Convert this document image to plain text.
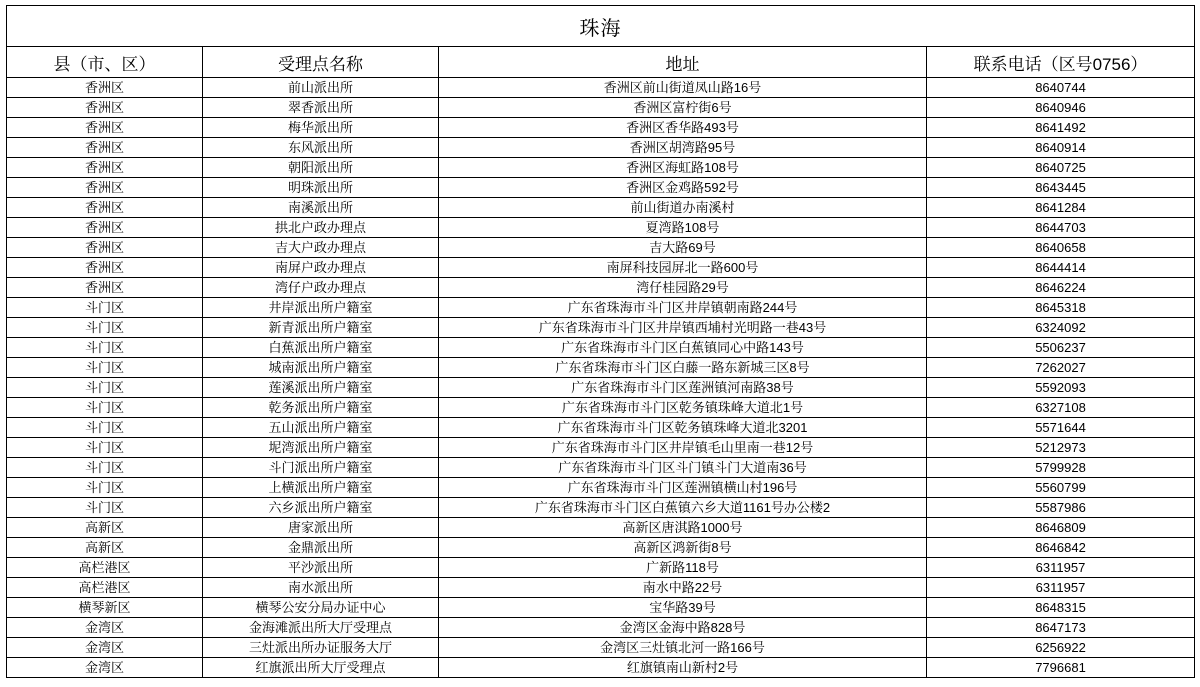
珠海			
县（市、区）	受理点名称	地址	联系电话（区号0756）
香洲区	前山派出所	香洲区前山街道凤山路16号	8640744
香洲区	翠香派出所	香洲区富柠街6号	8640946
香洲区	梅华派出所	香洲区香华路493号	8641492
香洲区	东风派出所	香洲区胡湾路95号	8640914
香洲区	朝阳派出所	香洲区海虹路108号	8640725
香洲区	明珠派出所	香洲区金鸡路592号	8643445
香洲区	南溪派出所	前山街道办南溪村	8641284
香洲区	拱北户政办理点	夏湾路108号	8644703
香洲区	吉大户政办理点	吉大路69号	8640658
香洲区	南屏户政办理点	南屏科技园屏北一路600号	8644414
香洲区	湾仔户政办理点	湾仔桂园路29号	8646224
斗门区	井岸派出所户籍室	广东省珠海市斗门区井岸镇朝南路244号	8645318
斗门区	新青派出所户籍室	广东省珠海市斗门区井岸镇西埔村光明路一巷43号	6324092
斗门区	白蕉派出所户籍室	广东省珠海市斗门区白蕉镇同心中路143号	5506237
斗门区	城南派出所户籍室	广东省珠海市斗门区白藤一路东新城三区8号	7262027
斗门区	莲溪派出所户籍室	广东省珠海市斗门区莲洲镇河南路38号	5592093
斗门区	乾务派出所户籍室	广东省珠海市斗门区乾务镇珠峰大道北1号	6327108
斗门区	五山派出所户籍室	广东省珠海市斗门区乾务镇珠峰大道北3201	5571644
斗门区	坭湾派出所户籍室	广东省珠海市斗门区井岸镇毛山里南一巷12号	5212973
斗门区	斗门派出所户籍室	广东省珠海市斗门区斗门镇斗门大道南36号	5799928
斗门区	上横派出所户籍室	广东省珠海市斗门区莲洲镇横山村196号	5560799
斗门区	六乡派出所户籍室	广东省珠海市斗门区白蕉镇六乡大道1161号办公楼2	5587986
高新区	唐家派出所	高新区唐淇路1000号	8646809
高新区	金鼎派出所	高新区鸿新街8号	8646842
高栏港区	平沙派出所	广新路118号	6311957
高栏港区	南水派出所	南水中路22号	6311957
横琴新区	横琴公安分局办证中心	宝华路39号	8648315
金湾区	金海滩派出所大厅受理点	金湾区金海中路828号	8647173
金湾区	三灶派出所办证服务大厅	金湾区三灶镇北河一路166号	6256922
金湾区	红旗派出所大厅受理点	红旗镇南山新村2号	7796681
